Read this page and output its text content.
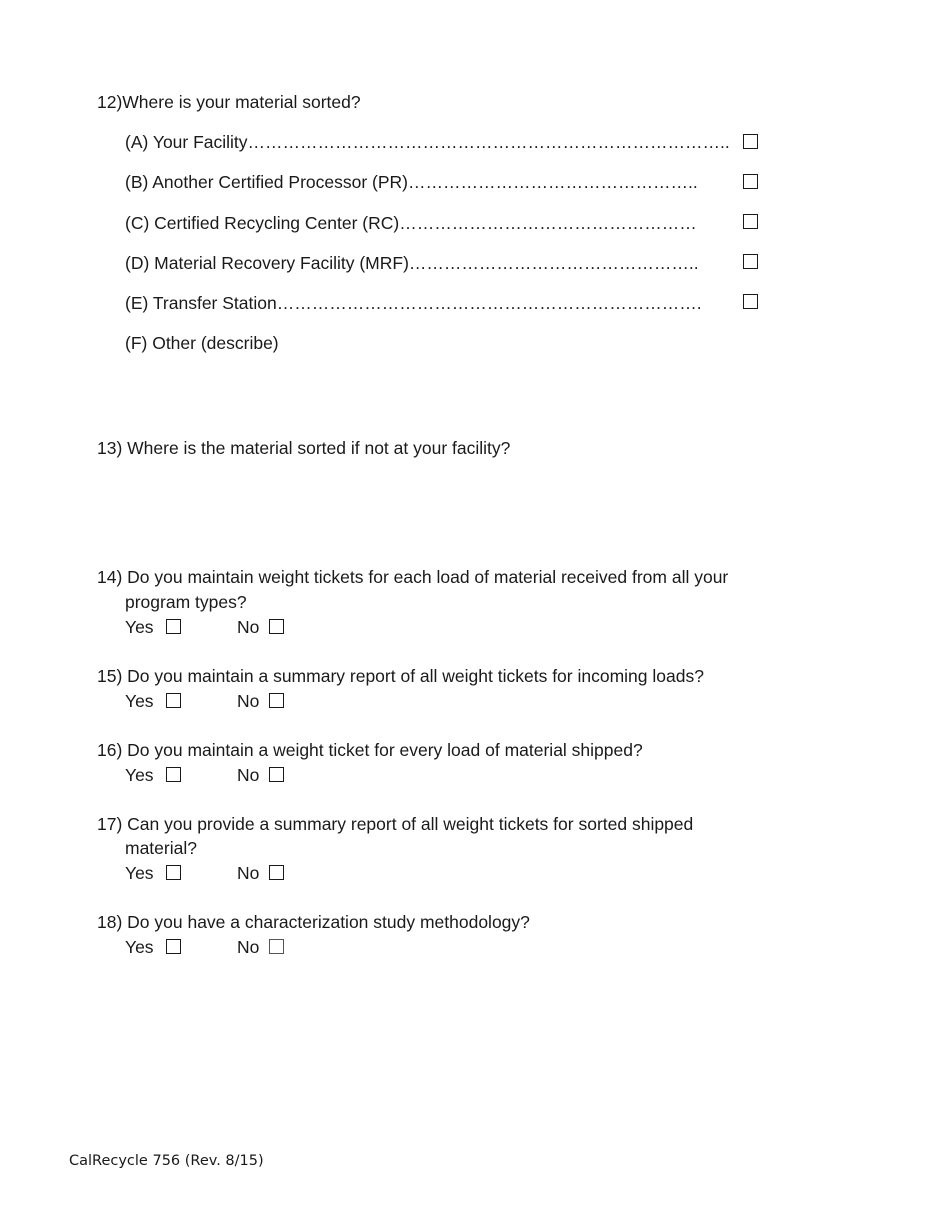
12)Where is your material sorted?
(A) Your Facility………………………………………………………………………..
(B) Another Certified Processor (PR)…………………………………………..
(C) Certified Recycling Center (RC)……………………………………………
(D) Material Recovery Facility (MRF)…………………………………………..
(E) Transfer Station……………………………………………………………….
(F) Other (describe)
13) Where is the material sorted if not at your facility?
14) Do you maintain weight tickets for each load of material received from all your
program types?
Yes	No
15) Do you maintain a summary report of all weight tickets for incoming loads?
Yes	No
16) Do you maintain a weight ticket for every load of material shipped?
Yes	No
17) Can you provide a summary report of all weight tickets for sorted shipped
material?
Yes	No
18) Do you have a characterization study methodology?
Yes	No
CalRecycle 756 (Rev. 8/15)
